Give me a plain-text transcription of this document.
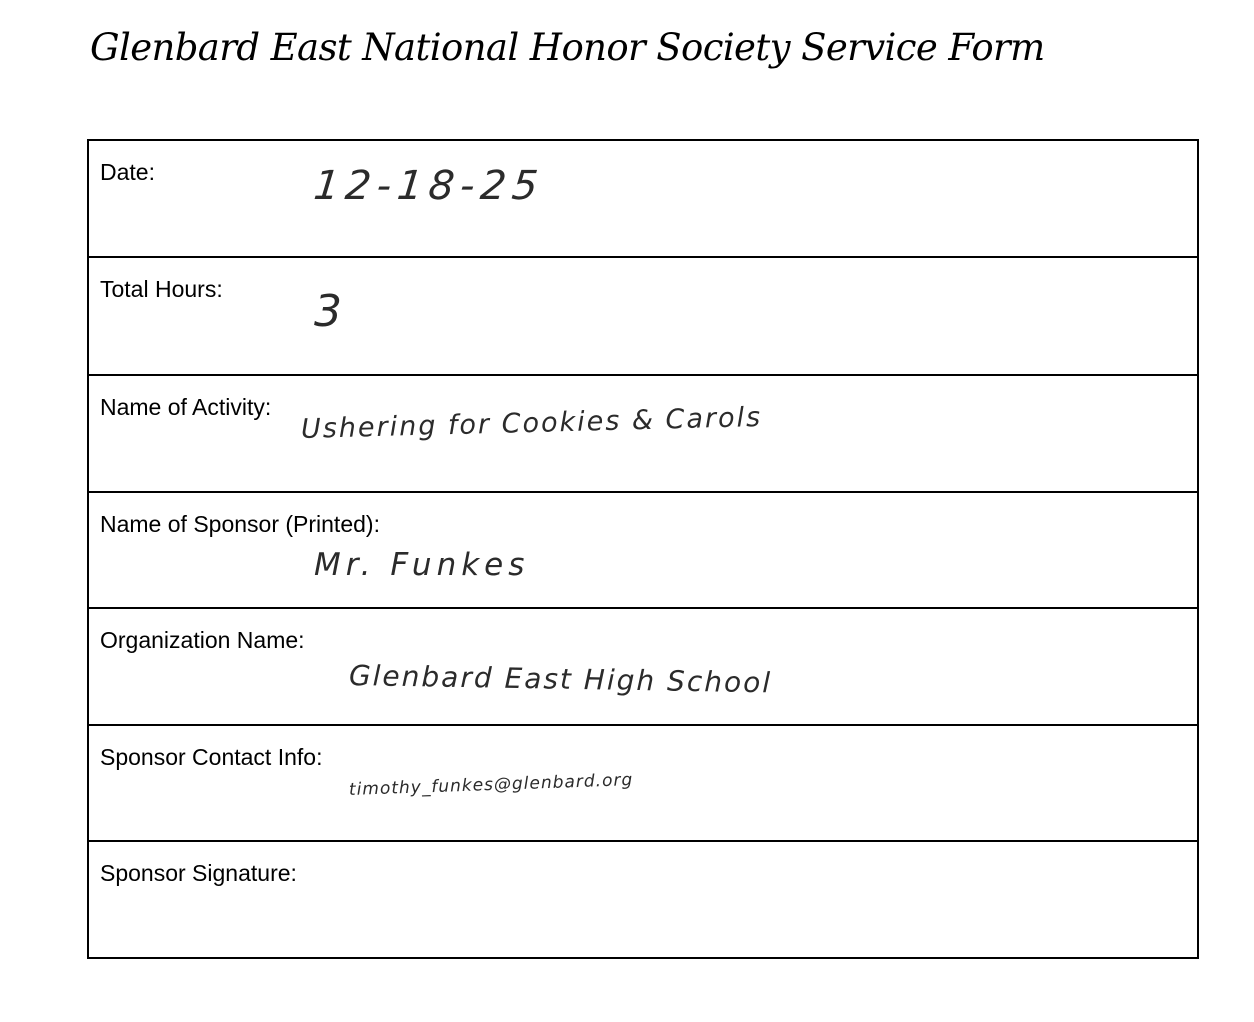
Glenbard East National Honor Society Service Form
Date:	12-18-25
Total Hours: 3
Name of Activity: Ushering for Cookies & Carols
Name of Sponsor (Printed):
Mr. Funkes
Organization Name:
Glenbard East High School
Sponsor Contact Info:
timothy_funkes@glenbard.org
Sponsor Signature:
